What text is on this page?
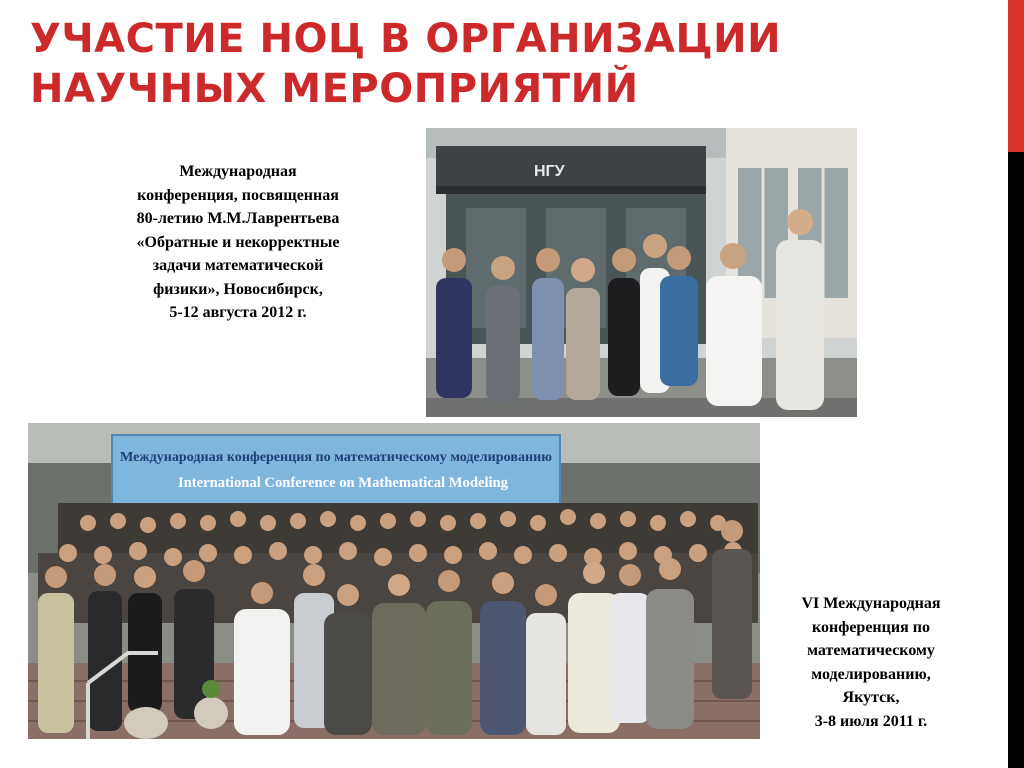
УЧАСТИЕ НОЦ В ОРГАНИЗАЦИИ
НАУЧНЫХ МЕРОПРИЯТИЙ
Международная
конференция, посвященная
80-летию М.М.Лаврентьева
«Обратные и некорректные
задачи математической
физики», Новосибирск,
5-12 августа 2012 г.
НГУ
Международная конференция по математическому моделированию
International Conference on Mathematical Modeling
VI Международная
конференция по
математическому
моделированию,
Якутск,
3-8 июля 2011 г.
